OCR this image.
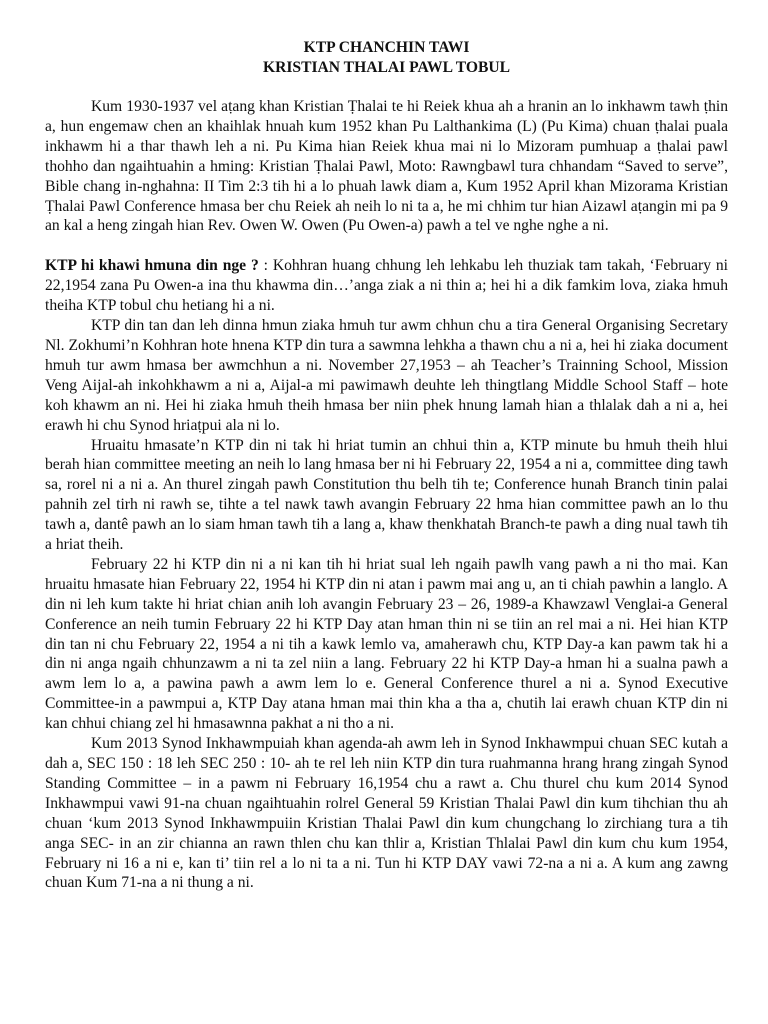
KTP CHANCHIN TAWI

KRISTIAN THALAI PAWL TOBUL

Kum 1930-1937 vel aṭang khan Kristian Ṭhalai te hi Reiek khua ah a hranin an lo inkhawm tawh ṭhin a, hun engemaw chen an khaihlak hnuah kum 1952 khan Pu Lalthankima (L) (Pu Kima) chuan ṭhalai puala inkhawm hi a thar thawh leh a ni. Pu Kima hian Reiek khua mai ni lo Mizoram pumhuap a ṭhalai pawl thohho dan ngaihtuahin a hming: Kristian Ṭhalai Pawl, Moto: Rawngbawl tura chhandam “Saved to serve”, Bible chang in-nghahna: II Tim 2:3 tih hi a lo phuah lawk diam a, Kum 1952 April khan Mizorama Kristian Ṭhalai Pawl Conference hmasa ber chu Reiek ah neih lo ni ta a, he mi chhim tur hian Aizawl aṭangin mi pa 9 an kal a heng zingah hian Rev. Owen W. Owen (Pu Owen-a) pawh a tel ve nghe nghe a ni.

KTP hi khawi hmuna din nge ? : Kohhran huang chhung leh lehkabu leh thuziak tam takah, ‘February ni 22,1954 zana Pu Owen-a ina thu khawma din…’anga ziak a ni thin a; hei hi a dik famkim lova, ziaka hmuh theiha KTP tobul chu hetiang hi a ni.

KTP din tan dan leh dinna hmun ziaka hmuh tur awm chhun chu a tira General Organising Secretary Nl. Zokhumi’n Kohhran hote hnena KTP din tura a sawmna lehkha a thawn chu a ni a, hei hi ziaka document hmuh tur awm hmasa ber awmchhun a ni. November 27,1953 – ah Teacher’s Trainning School, Mission Veng Aijal-ah inkohkhawm a ni a, Aijal-a mi pawimawh deuhte leh thingtlang Middle School Staff – hote koh khawm an ni. Hei hi ziaka hmuh theih hmasa ber niin phek hnung lamah hian a thlalak dah a ni a, hei erawh hi chu Synod hriaṭpui ala ni lo.

Hruaitu hmasate’n KTP din ni tak hi hriat tumin an chhui thin a, KTP minute bu hmuh theih hlui berah hian committee meeting an neih lo lang hmasa ber ni hi February 22, 1954 a ni a, committee ding tawh sa, rorel ni a ni a. An thurel zingah pawh Constitution thu belh tih te; Conference hunah Branch tinin palai pahnih zel tirh ni rawh se, tihte a tel nawk tawh avangin February 22 hma hian committee pawh an lo thu tawh a, dantê pawh an lo siam hman tawh tih a lang a, khaw thenkhatah Branch-te pawh a ding nual tawh tih a hriat theih.

February 22 hi KTP din ni a ni kan tih hi hriat sual leh ngaih pawlh vang pawh a ni tho mai. Kan hruaitu hmasate hian February 22, 1954 hi KTP din ni atan i pawm mai ang u, an ti chiah pawhin a langlo. A din ni leh kum takte hi hriat chian anih loh avangin February 23 – 26, 1989-a Khawzawl Venglai-a General Conference an neih tumin February 22 hi KTP Day atan hman thin ni se tiin an rel mai a ni. Hei hian KTP din tan ni chu February 22, 1954 a ni tih a kawk lemlo va, amaherawh chu, KTP Day-a kan pawm tak hi a din ni anga ngaih chhunzawm a ni ta zel niin a lang. February 22 hi KTP Day-a hman hi a sualna pawh a awm lem lo a, a pawina pawh a awm lem lo e. General Conference thurel a ni a. Synod Executive Committee-in a pawmpui a, KTP Day atana hman mai thin kha a tha a, chutih lai erawh chuan KTP din ni kan chhui chiang zel hi hmasawnna pakhat a ni tho a ni.

Kum 2013 Synod Inkhawmpuiah khan agenda-ah awm leh in Synod Inkhawmpui chuan SEC kutah a dah a, SEC 150 : 18 leh SEC 250 : 10- ah te rel leh niin KTP din tura ruahmanna hrang hrang zingah Synod Standing Committee – in a pawm ni February 16,1954 chu a rawt a. Chu thurel chu kum 2014 Synod Inkhawmpui vawi 91-na chuan ngaihtuahin rolrel General 59 Kristian Thalai Pawl din kum tihchian thu ah chuan ‘kum 2013 Synod Inkhawmpuiin Kristian Thalai Pawl din kum chungchang lo zirchiang tura a tih anga SEC- in an zir chianna an rawn thlen chu kan thlir a, Kristian Thlalai Pawl din kum chu kum 1954, February ni 16 a ni e, kan ti’ tiin rel a lo ni ta a ni. Tun hi KTP DAY vawi 72-na a ni a. A kum ang zawng chuan Kum 71-na a ni thung a ni.
